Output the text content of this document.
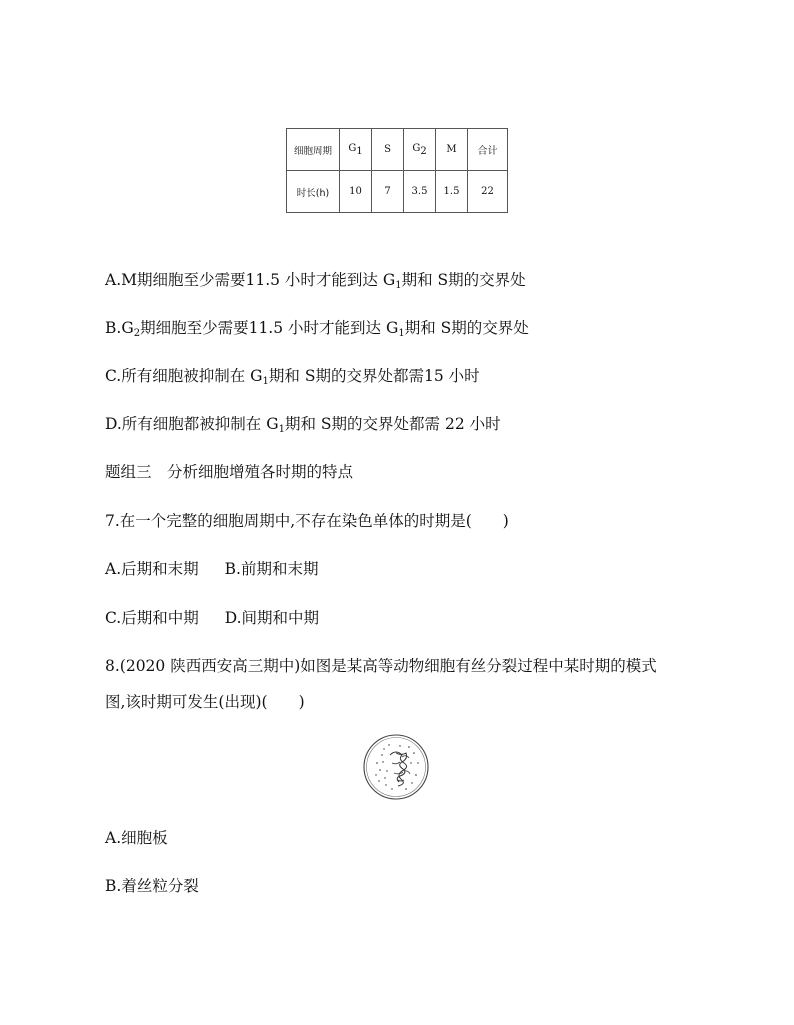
细胞周期	G1	S	G2	M	合计
时长(h)	10	7	3.5	1.5	22
A.M期细胞至少需要11.5 小时才能到达 $G_1$期和 S期的交界处
$B.G_2$期细胞至少需要11.5 小时才能到达 $G_1$期和 S期的交界处
C.所有细胞被抑制在 $G_1$期和 S期的交界处都需15 小时
D.所有细胞都被抑制在 $G_1$期和 S期的交界处都需 22 小时
题组三　分析细胞增殖各时期的特点
7.在一个完整的细胞周期中,不存在染色单体的时期是(　　)
A.后期和末期 B.前期和末期
C.后期和中期 D.间期和中期
8.(2020 陕西西安高三期中)如图是某高等动物细胞有丝分裂过程中某时期的模式
图,该时期可发生(出现)(　　)
A.细胞板
B.着丝粒分裂
